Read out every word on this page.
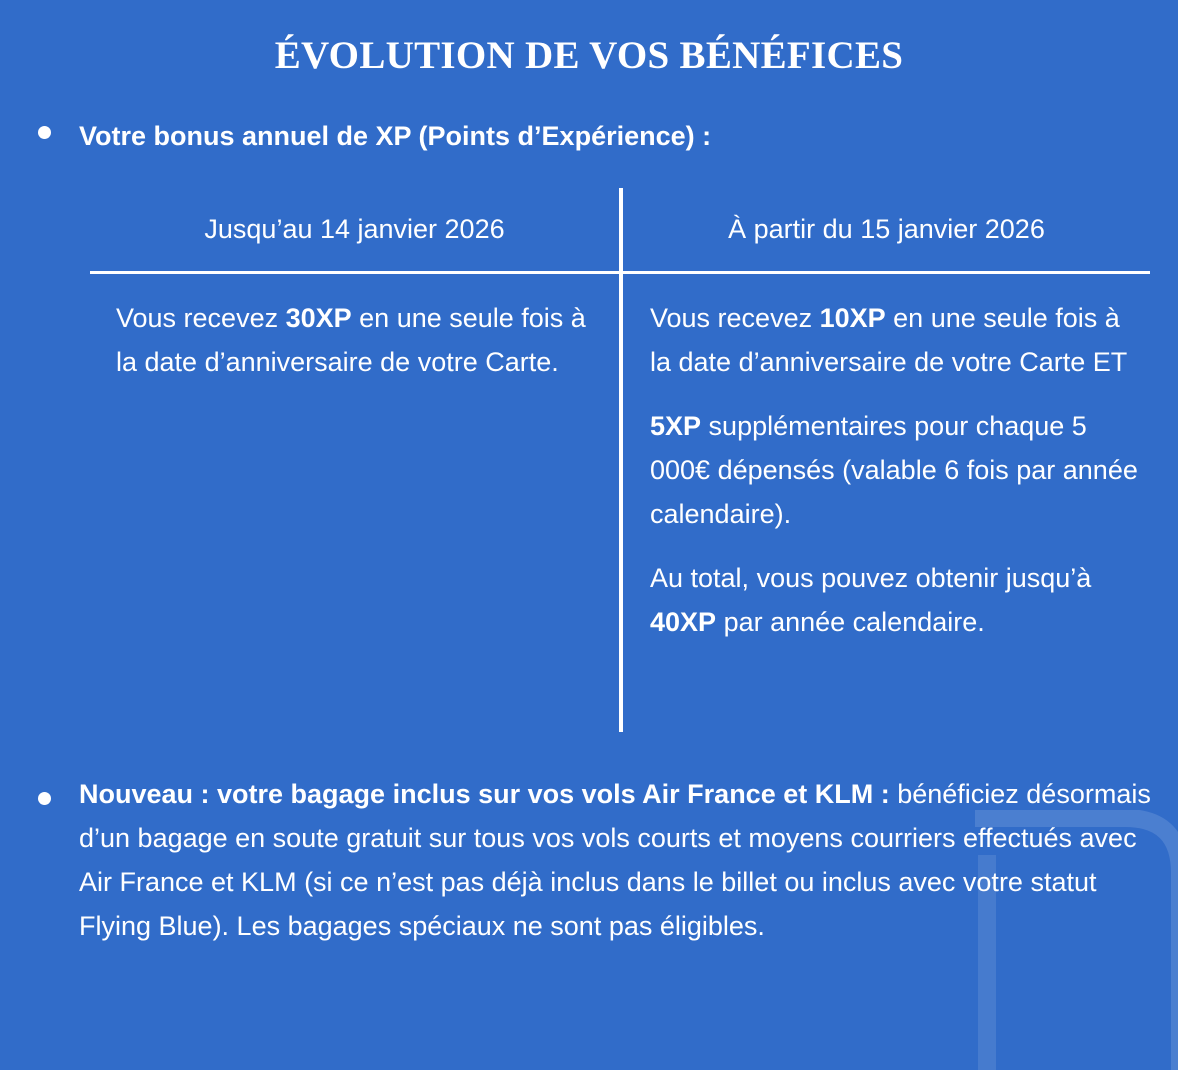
ÉVOLUTION DE VOS BÉNÉFICES
Votre bonus annuel de XP (Points d’Expérience) :
Jusqu’au 14 janvier 2026	À partir du 15 janvier 2026

Vous recevez 30XP en une seule fois à la date d’anniversaire de votre Carte.

Vous recevez 10XP en une seule fois à la date d’anniversaire de votre Carte ET

5XP supplémentaires pour chaque 5 000€ dépensés (valable 6 fois par année calendaire).

Au total, vous pouvez obtenir jusqu’à 40XP par année calendaire.

Nouveau : votre bagage inclus sur vos vols Air France et KLM : bénéficiez désormais d’un bagage en soute gratuit sur tous vos vols courts et moyens courriers effectués avec Air France et KLM (si ce n’est pas déjà inclus dans le billet ou inclus avec votre statut Flying Blue). Les bagages spéciaux ne sont pas éligibles.
